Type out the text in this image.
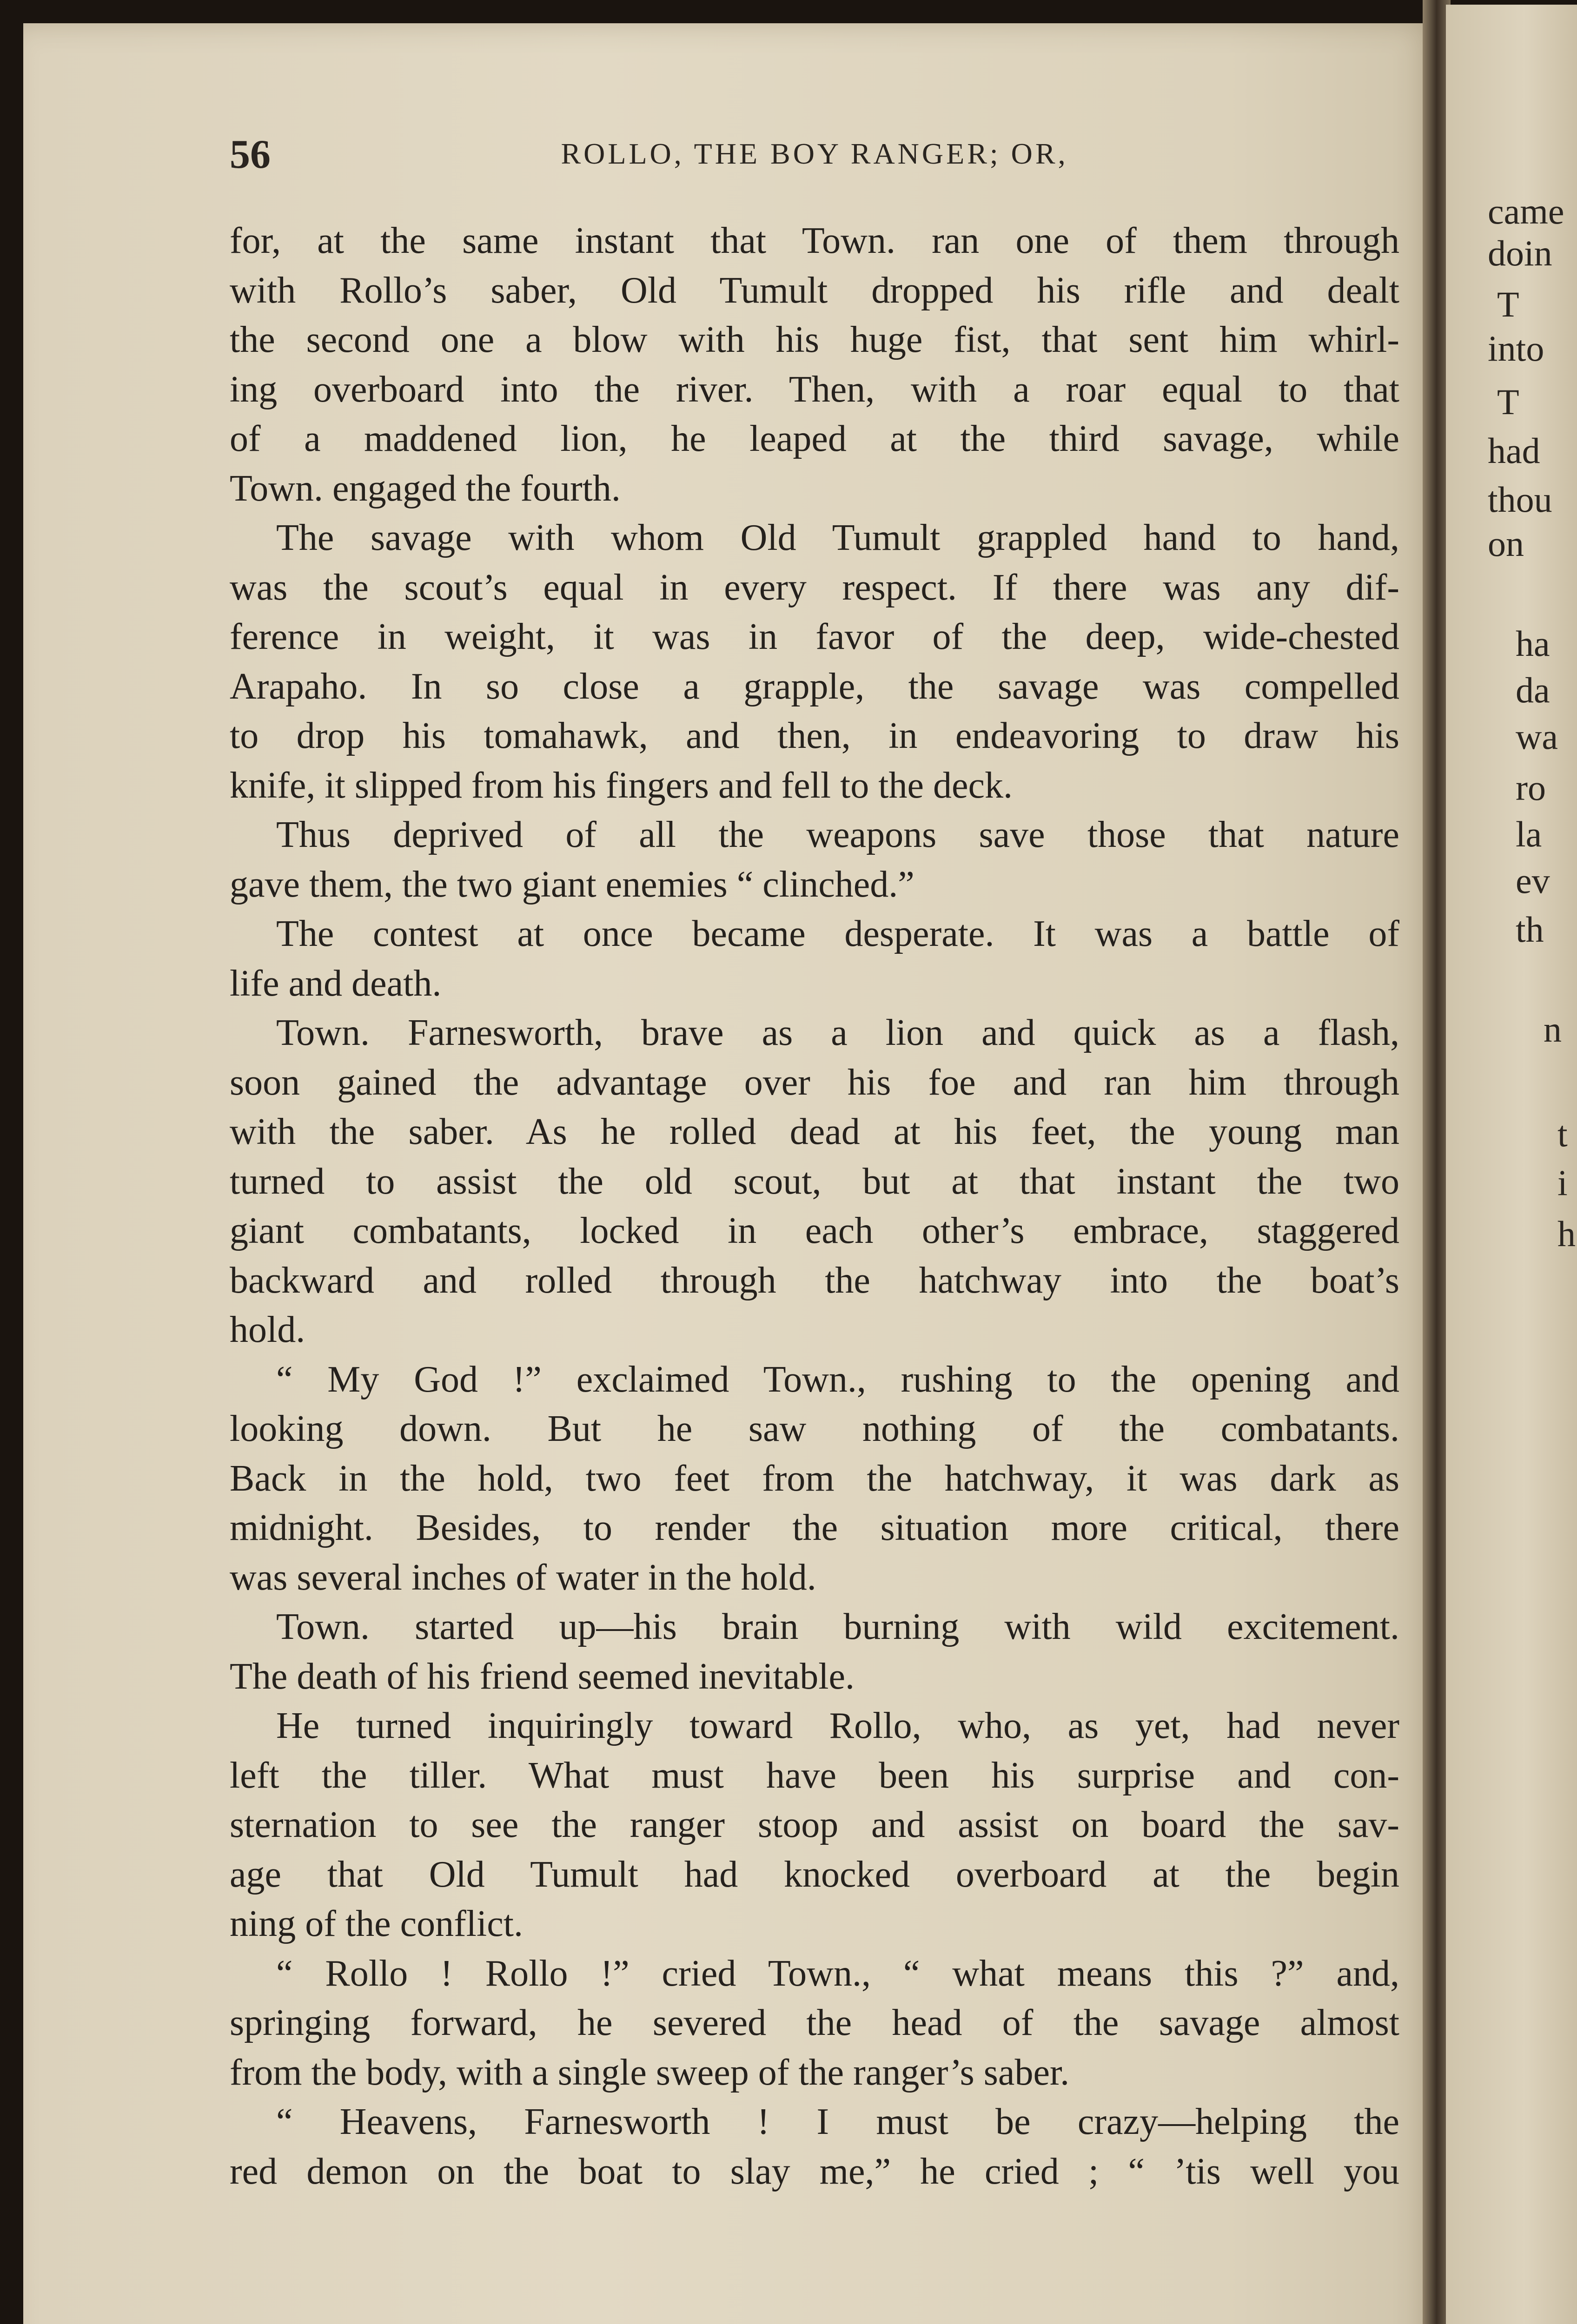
56	ROLLO, THE BOY RANGER; OR,
for, at the same instant that Town. ran one of them through
with Rollo’s saber, Old Tumult dropped his rifle and dealt
the second one a blow with his huge fist, that sent him whirl-
ing overboard into the river. Then, with a roar equal to that
of a maddened lion, he leaped at the third savage, while
Town. engaged the fourth.
The savage with whom Old Tumult grappled hand to hand,
was the scout’s equal in every respect. If there was any dif-
ference in weight, it was in favor of the deep, wide-chested
Arapaho. In so close a grapple, the savage was compelled
to drop his tomahawk, and then, in endeavoring to draw his
knife, it slipped from his fingers and fell to the deck.
Thus deprived of all the weapons save those that nature
gave them, the two giant enemies “ clinched.”
The contest at once became desperate. It was a battle of
life and death.
Town. Farnesworth, brave as a lion and quick as a flash,
soon gained the advantage over his foe and ran him through
with the saber. As he rolled dead at his feet, the young man
turned to assist the old scout, but at that instant the two
giant combatants, locked in each other’s embrace, staggered
backward and rolled through the hatchway into the boat’s
hold.
“ My God !” exclaimed Town., rushing to the opening and
looking down. But he saw nothing of the combatants.
Back in the hold, two feet from the hatchway, it was dark as
midnight. Besides, to render the situation more critical, there
was several inches of water in the hold.
Town. started up—his brain burning with wild excitement.
The death of his friend seemed inevitable.
He turned inquiringly toward Rollo, who, as yet, had never
left the tiller. What must have been his surprise and con-
sternation to see the ranger stoop and assist on board the sav-
age that Old Tumult had knocked overboard at the begin
ning of the conflict.
“ Rollo ! Rollo !” cried Town., “ what means this ?” and,
springing forward, he severed the head of the savage almost
from the body, with a single sweep of the ranger’s saber.
“ Heavens, Farnesworth ! I must be crazy—helping the
red demon on the boat to slay me,” he cried ; “ ’tis well you
came
doin
T
into
T
had
thou
on
ha
da
wa
ro
la
ev
th
n
t
i
h
